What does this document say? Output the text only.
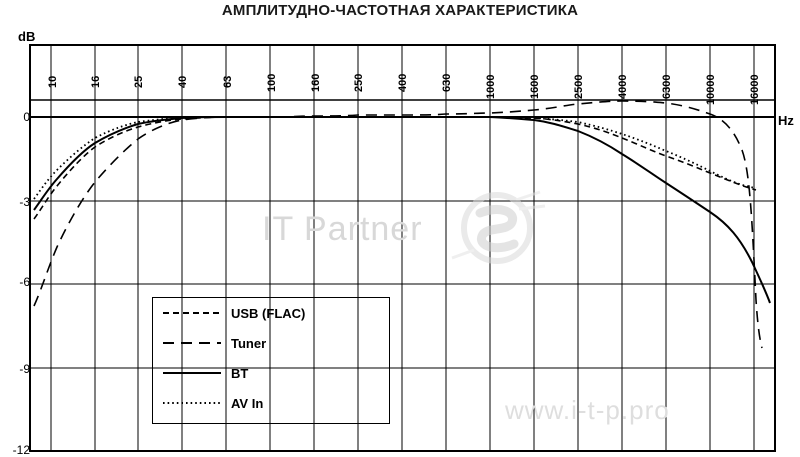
АМПЛИТУДНО-ЧАСТОТНАЯ ХАРАКТЕРИСТИКА
dB
Hz
0
-3
-6
-9
-12
10	16	25	40	63	100	160	250	400	630	1000	1600	2500	4000	6300	10000	16000
IT Partner
www.i-t-p.pro
USB (FLAC)
Tuner
BT
AV In
